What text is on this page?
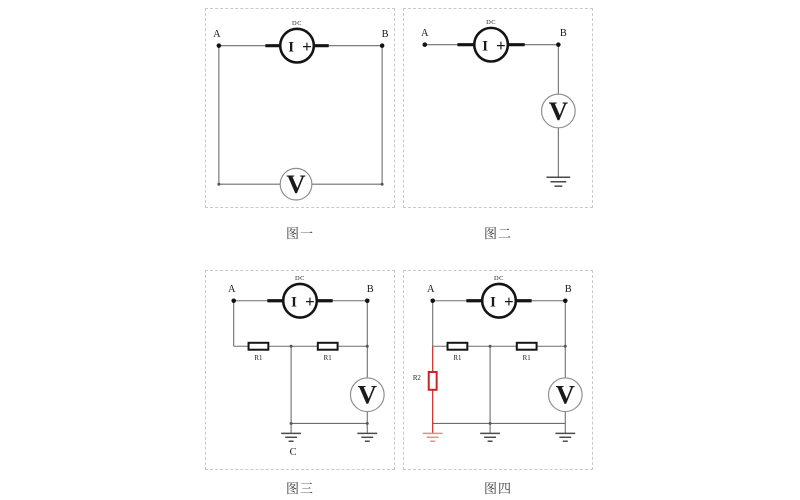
I +
DC
V
A	B
图一
I +
DC
V
A	B
图二
I +
DC
R1	R1
V
A	B
C
图三
R2
I +
DC
R1	R1
V
A	B
图四
